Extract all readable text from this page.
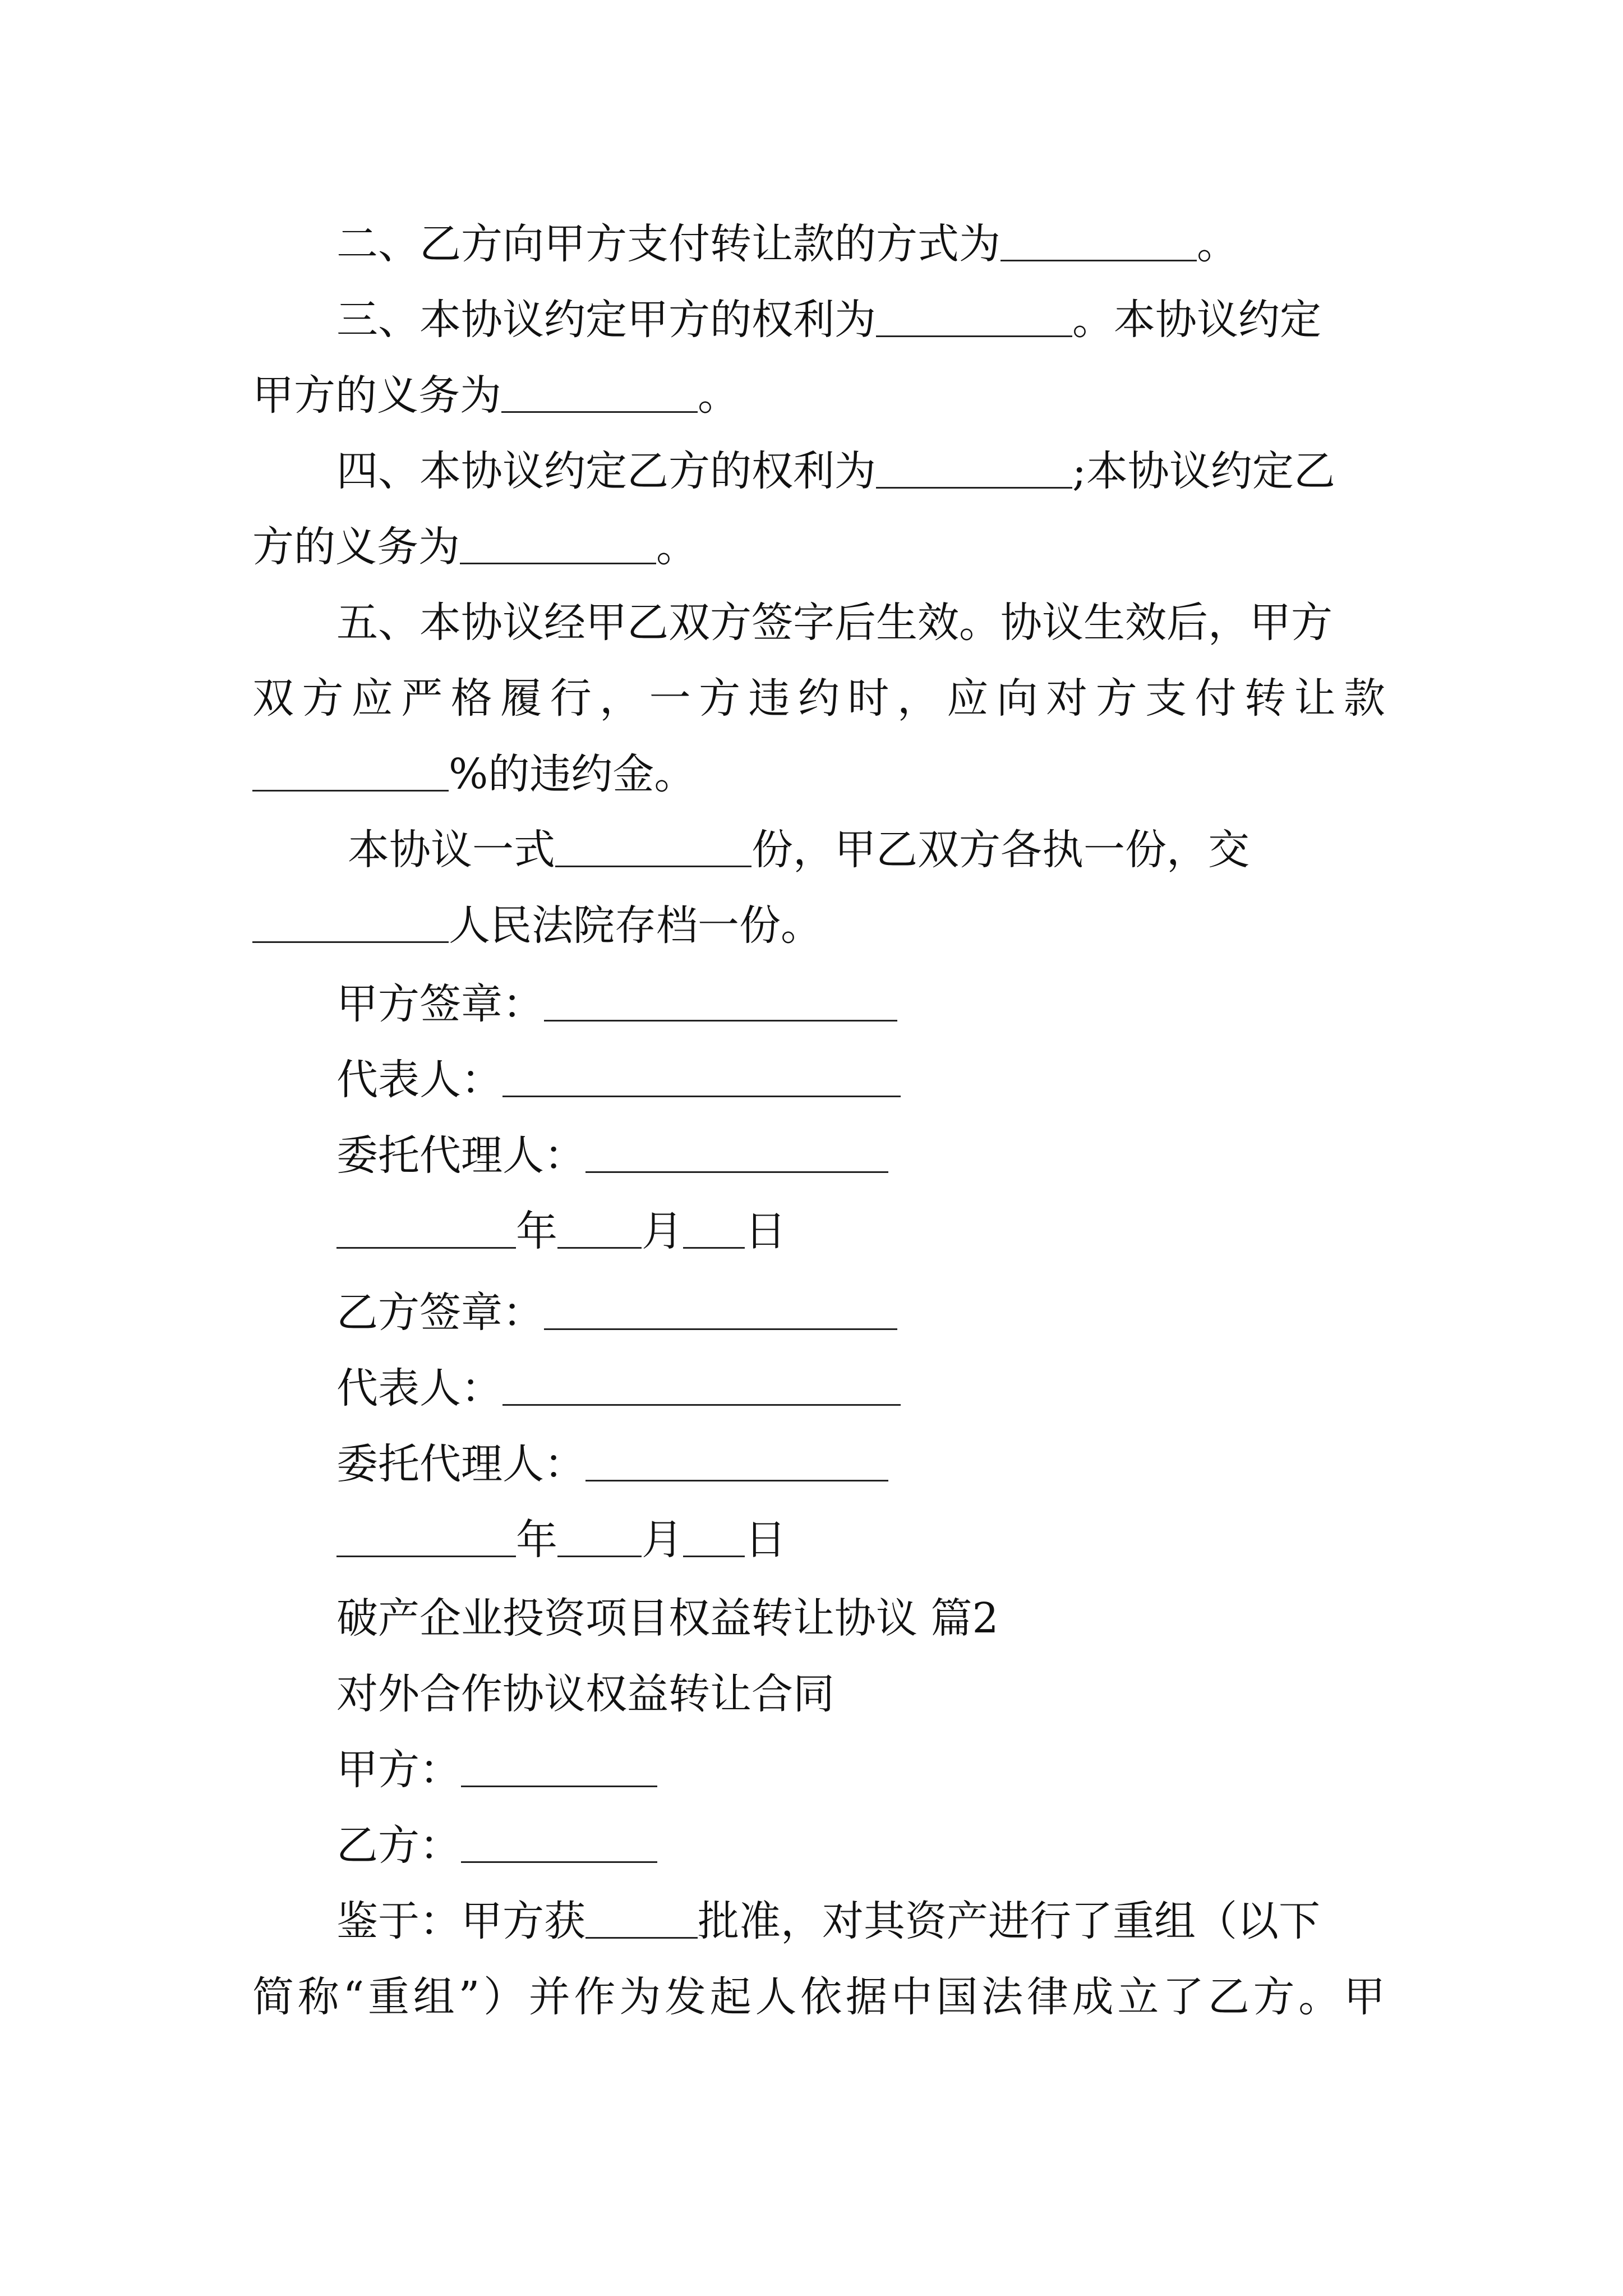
二、乙方向甲方支付转让款的方式为	。
三、本协议约定甲方的权利为	。本协议约定
甲方的义务为	。
四、本协议约定乙方的权利为	;本协议约定乙
方的义务为	。
五、本协议经甲乙双方签字后生效。协议生效后，甲方
双方应严格履行，一方违约时，应向对方支付转让款
%的违约金。
本协议一式	份，甲乙双方各执一份，交
人民法院存档一份。
甲方签章：
代表人：
委托代理人：
年 月 日
乙方签章：
代表人：
委托代理人：
年 月 日
破产企业投资项目权益转让协议 篇2
对外合作协议权益转让合同
甲方：
乙方：
鉴于：甲方获	批准，对其资产进行了重组（以下
简称“重组”）并作为发起人依据中国法律成立了乙方。甲
